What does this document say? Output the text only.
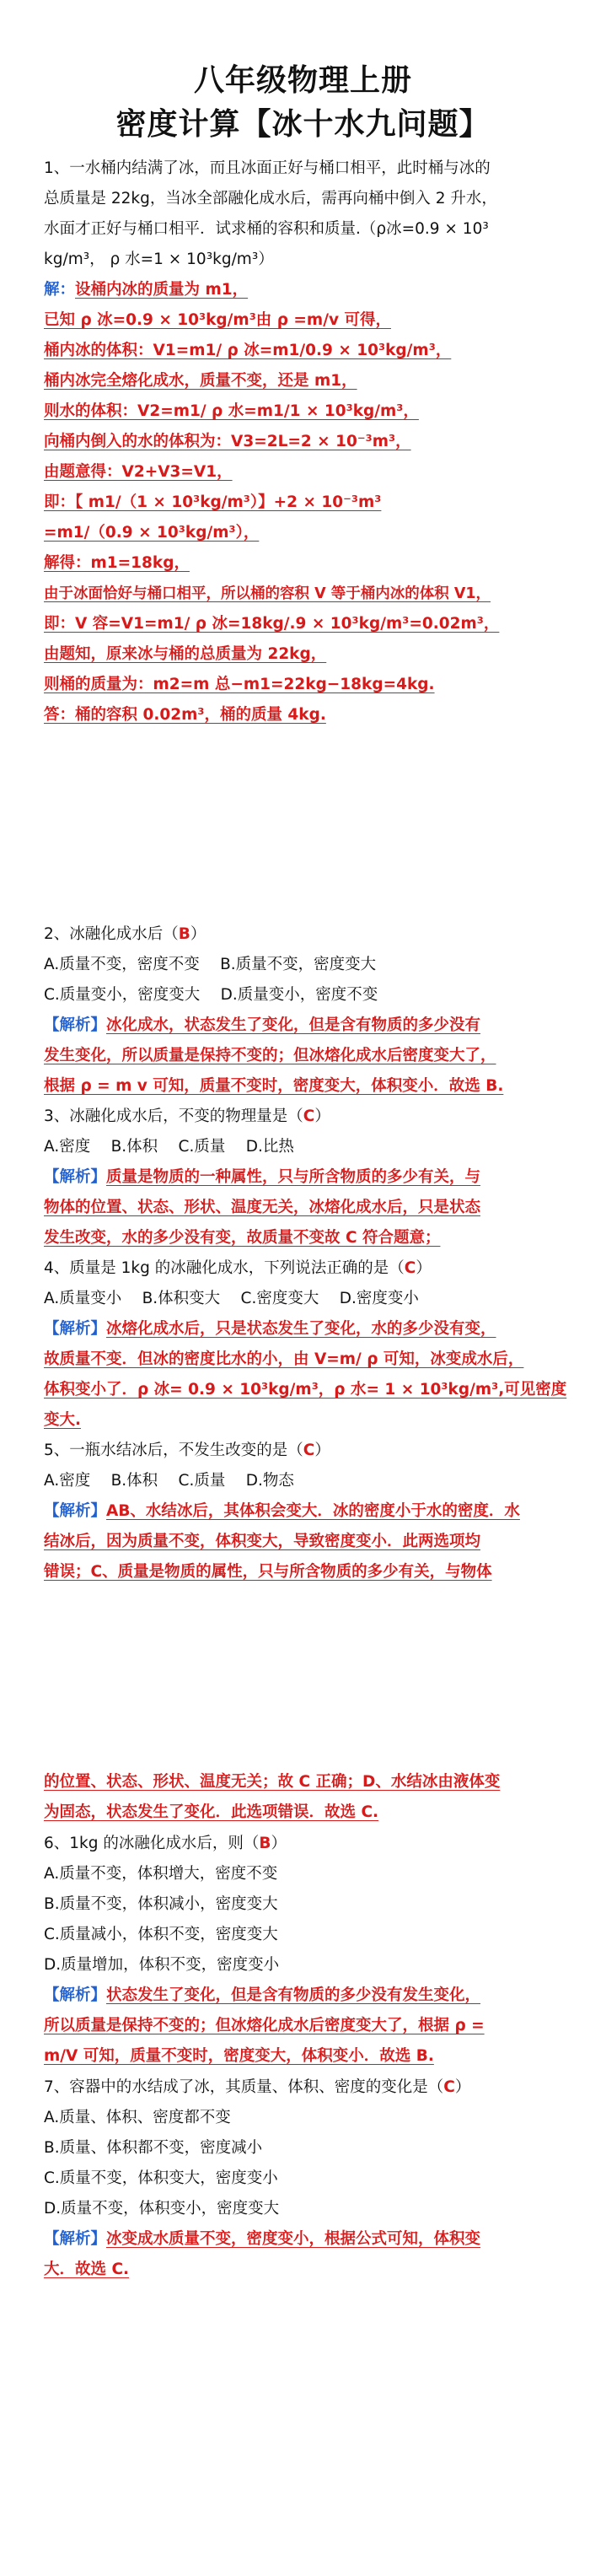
八年级物理上册
密度计算【冰十水九问题】
1、一水桶内结满了冰，而且冰面正好与桶口相平，此时桶与冰的
总质量是 22kg，当冰全部融化成水后，需再向桶中倒入 2 升水，
水面才正好与桶口相平．试求桶的容积和质量.（ρ冰=0.9 × 10³
kg/m³， ρ 水=1 × 10³kg/m³）
解：设桶内冰的质量为 m1，
已知 ρ 冰=0.9 × 10³kg/m³由 ρ =m/v 可得，
桶内冰的体积：V1=m1/ ρ 冰=m1/0.9 × 10³kg/m³，
桶内冰完全熔化成水，质量不变，还是 m1，
则水的体积：V2=m1/ ρ 水=m1/1 × 10³kg/m³，
向桶内倒入的水的体积为：V3=2L=2 × 10⁻³m³，
由题意得：V2+V3=V1，
即：【 m1/（1 × 10³kg/m³）】+2 × 10⁻³m³
=m1/（0.9 × 10³kg/m³），
解得：m1=18kg，
由于冰面恰好与桶口相平，所以桶的容积 V 等于桶内冰的体积 V1，
即：V 容=V1=m1/ ρ 冰=18kg/.9 × 10³kg/m³=0.02m³，
由题知，原来冰与桶的总质量为 22kg，
则桶的质量为：m2=m 总−m1=22kg−18kg=4kg.
答：桶的容积 0.02m³，桶的质量 4kg.
2、冰融化成水后（B）
A.质量不变，密度不变　 B.质量不变，密度变大
C.质量变小，密度变大　 D.质量变小，密度不变
【解析】冰化成水，状态发生了变化，但是含有物质的多少没有
发生变化，所以质量是保持不变的；但冰熔化成水后密度变大了，
根据 ρ = m v 可知，质量不变时，密度变大，体积变小．故选 B.
3、冰融化成水后，不变的物理量是（C）
A.密度　 B.体积　 C.质量　 D.比热
【解析】质量是物质的一种属性，只与所含物质的多少有关，与
物体的位置、状态、形状、温度无关，冰熔化成水后，只是状态
发生改变，水的多少没有变，故质量不变故 C 符合题意；
4、质量是 1kg 的冰融化成水，下列说法正确的是（C）
A.质量变小　 B.体积变大　 C.密度变大　 D.密度变小
【解析】冰熔化成水后，只是状态发生了变化，水的多少没有变，
故质量不变．但冰的密度比水的小，由 V=m/ ρ 可知，冰变成水后，
体积变小了．ρ 冰= 0.9 × 10³kg/m³，ρ 水= 1 × 10³kg/m³,可见密度
变大.
5、一瓶水结冰后，不发生改变的是（C）
A.密度　 B.体积　 C.质量　 D.物态
【解析】AB、水结冰后，其体积会变大．冰的密度小于水的密度．水
结冰后，因为质量不变，体积变大，导致密度变小．此两选项均
错误；C、质量是物质的属性，只与所含物质的多少有关，与物体
的位置、状态、形状、温度无关；故 C 正确；D、水结冰由液体变
为固态，状态发生了变化．此选项错误．故选 C.
6、1kg 的冰融化成水后，则（B）
A.质量不变，体积增大，密度不变
B.质量不变，体积减小，密度变大
C.质量减小，体积不变，密度变大
D.质量增加，体积不变，密度变小
【解析】状态发生了变化，但是含有物质的多少没有发生变化，
所以质量是保持不变的；但冰熔化成水后密度变大了，根据 ρ =
m/V 可知，质量不变时，密度变大，体积变小．故选 B.
7、容器中的水结成了冰，其质量、体积、密度的变化是（C）
A.质量、体积、密度都不变
B.质量、体积都不变，密度减小
C.质量不变，体积变大，密度变小
D.质量不变，体积变小，密度变大
【解析】冰变成水质量不变，密度变小，根据公式可知，体积变
大．故选 C.
